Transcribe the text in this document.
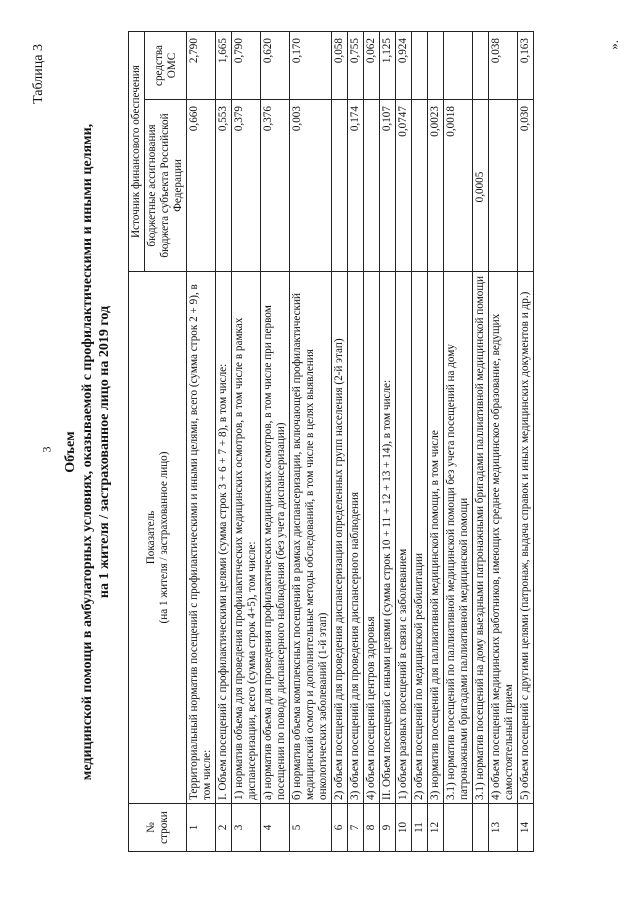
3
Таблица 3
Объем медицинской помощи в амбулаторных условиях, оказываемой с профилактическими и иными целями, на 1 жителя / застрахованное лицо на 2019 год
№ строки	Показатель (на 1 жителя / застрахованное лицо)	Источник финансового обеспечения	
		бюджетные ассигнования бюджета субъекта Российской Федерации	средства ОМС
1	Территориальный норматив посещений с профилактическими и иными целями, всего (сумма строк 2 + 9), в том числе:	0,660	2,790
2	I. Объем посещений с профилактическими целями (сумма строк 3 + 6 + 7 + 8), в том числе:	0,553	1,665
3	1) норматив объема для проведения профилактических медицинских осмотров, в том числе в рамках диспансеризации, всего (сумма строк 4+5), том числе:	0,379	0,790
4	а) норматив объема для проведения профилактических медицинских осмотров, в том числе при первом посещении по поводу диспансерного наблюдения (без учета диспансеризации)	0,376	0,620
5	б) норматив объема комплексных посещений в рамках диспансеризации, включающей профилактический медицинский осмотр и дополнительные методы обследований, в том числе в целях выявления онкологических заболеваний (1-й этап)	0,003	0,170
6	2) объем посещений для проведения диспансеризации определенных групп населения (2-й этап)		0,058
7	3) объем посещений для проведения диспансерного наблюдения	0,174	0,755
8	4) объем посещений центров здоровья		0,062
9	II. Объем посещений с иными целями (сумма строк 10 + 11 + 12 + 13 + 14), в том числе:	0,107	1,125
10	1) объем разовых посещений в связи с заболеванием	0,0747	0,924
11	2) объем посещений по медицинской реабилитации		
12	3) норматив посещений для паллиативной медицинской помощи, в том числе	0,0023	
	3.1) норматив посещений по паллиативной медицинской помощи без учета посещений на дому патронажными бригадами паллиативной медицинской помощи	0,0018	
	3.1) норматив посещений на дому выездными патронажными бригадами паллиативной медицинской помощи	0,0005	
13	4) объем посещений медицинских работников, имеющих среднее медицинское образование, ведущих самостоятельный прием		0,038
14	5) объем посещений с другими целями (патронаж, выдача справок и иных медицинских документов и др.)	0,030	0,163	».
